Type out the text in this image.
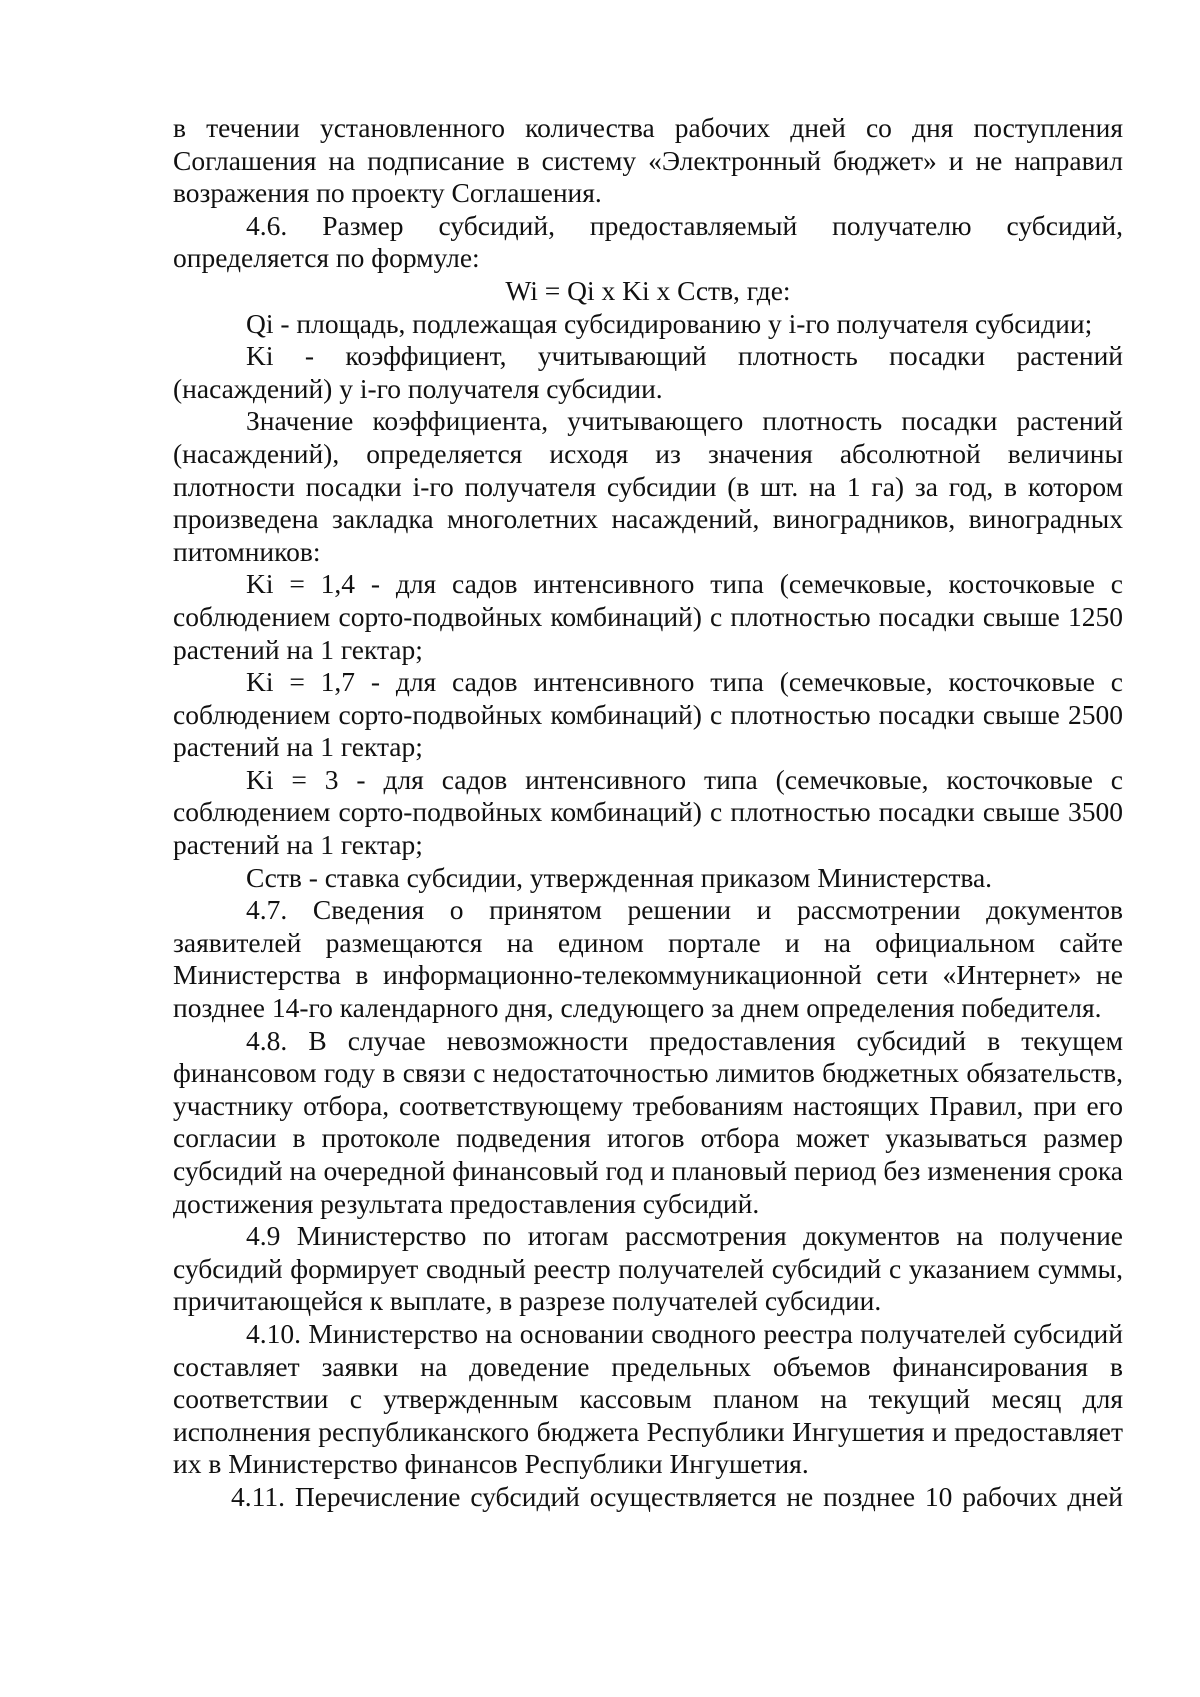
в течении установленного количества рабочих дней со дня поступления Соглашения на подписание в систему «Электронный бюджет» и не направил возражения по проекту Соглашения.

4.6. Размер субсидий, предоставляемый получателю субсидий, определяется по формуле:

Wi = Qi x Ki x Сств, где:

Qi - площадь, подлежащая субсидированию у i-го получателя субсидии;

Ki - коэффициент, учитывающий плотность посадки растений (насаждений) у i-го получателя субсидии.

Значение коэффициента, учитывающего плотность посадки растений (насаждений), определяется исходя из значения абсолютной величины плотности посадки i-го получателя субсидии (в шт. на 1 га) за год, в котором произведена закладка многолетних насаждений, виноградников, виноградных питомников:

Ki = 1,4 - для садов интенсивного типа (семечковые, косточковые с соблюдением сорто-подвойных комбинаций) с плотностью посадки свыше 1250 растений на 1 гектар;

Ki = 1,7 - для садов интенсивного типа (семечковые, косточковые с соблюдением сорто-подвойных комбинаций) с плотностью посадки свыше 2500 растений на 1 гектар;

Ki = 3 - для садов интенсивного типа (семечковые, косточковые с соблюдением сорто-подвойных комбинаций) с плотностью посадки свыше 3500 растений на 1 гектар;

Сств - ставка субсидии, утвержденная приказом Министерства.

4.7. Сведения о принятом решении и рассмотрении документов заявителей размещаются на едином портале и на официальном сайте Министерства в информационно-телекоммуникационной сети «Интернет» не позднее 14-го календарного дня, следующего за днем определения победителя.

4.8. В случае невозможности предоставления субсидий в текущем финансовом году в связи с недостаточностью лимитов бюджетных обязательств, участнику отбора, соответствующему требованиям настоящих Правил, при его согласии в протоколе подведения итогов отбора может указываться размер субсидий на очередной финансовый год и плановый период без изменения срока достижения результата предоставления субсидий.

4.9 Министерство по итогам рассмотрения документов на получение субсидий формирует сводный реестр получателей субсидий с указанием суммы, причитающейся к выплате, в разрезе получателей субсидии.

4.10. Министерство на основании сводного реестра получателей субсидий составляет заявки на доведение предельных объемов финансирования в соответствии с утвержденным кассовым планом на текущий месяц для исполнения республиканского бюджета Республики Ингушетия и предоставляет их в Министерство финансов Республики Ингушетия.

4.11. Перечисление субсидий осуществляется не позднее 10 рабочих дней
